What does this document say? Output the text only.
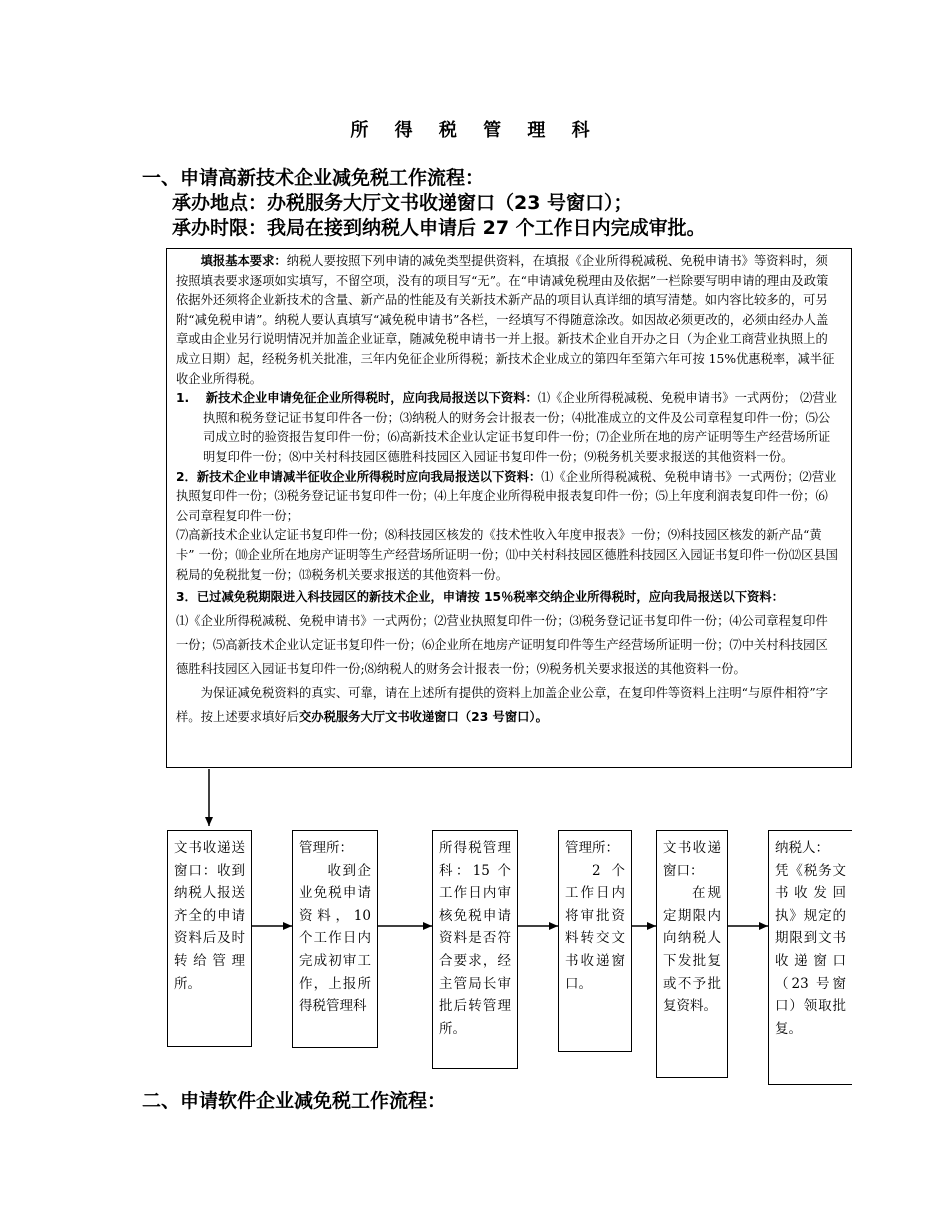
所 得 税 管 理 科
一、申请高新技术企业减免税工作流程：
承办地点：办税服务大厅文书收递窗口（23 号窗口）；
承办时限：我局在接到纳税人申请后 27 个工作日内完成审批。

填报基本要求：纳税人要按照下列申请的减免类型提供资料，在填报《企业所得税减税、免税申请书》等资料时，须按照填表要求逐项如实填写，不留空项，没有的项目写“无”。在“申请减免税理由及依据”一栏除要写明申请的理由及政策依据外还须将企业新技术的含量、新产品的性能及有关新技术新产品的项目认真详细的填写清楚。如内容比较多的，可另附“减免税申请”。纳税人要认真填写“减免税申请书”各栏，一经填写不得随意涂改。如因故必须更改的，必须由经办人盖章或由企业另行说明情况并加盖企业证章，随减免税申请书一并上报。新技术企业自开办之日（为企业工商营业执照上的成立日期）起，经税务机关批准，三年内免征企业所得税；新技术企业成立的第四年至第六年可按 15%优惠税率，减半征收企业所得税。

1.　 新技术企业申请免征企业所得税时，应向我局报送以下资料：⑴《企业所得税减税、免税申请书》一式两份； ⑵营业执照和税务登记证书复印件各一份；⑶纳税人的财务会计报表一份；⑷批准成立的文件及公司章程复印件一份；⑸公司成立时的验资报告复印件一份；⑹高新技术企业认定证书复印件一份；⑺企业所在地的房产证明等生产经营场所证明复印件一份；⑻中关村科技园区德胜科技园区入园证书复印件一份；⑼税务机关要求报送的其他资料一份。

2．新技术企业申请减半征收企业所得税时应向我局报送以下资料：⑴《企业所得税减税、免税申请书》一式两份；⑵营业执照复印件一份；⑶税务登记证书复印件一份；⑷上年度企业所得税申报表复印件一份；⑸上年度利润表复印件一份；⑹公司章程复印件一份；

⑺高新技术企业认定证书复印件一份；⑻科技园区核发的《技术性收入年度申报表》一份；⑼科技园区核发的新产品“黄卡” 一份；⑽企业所在地房产证明等生产经营场所证明一份；⑾中关村科技园区德胜科技园区入园证书复印件一份⑿区县国税局的免税批复一份；⒀税务机关要求报送的其他资料一份。

3．已过减免税期限进入科技园区的新技术企业，申请按 15％税率交纳企业所得税时，应向我局报送以下资料：
⑴《企业所得税减税、免税申请书》一式两份；⑵营业执照复印件一份；⑶税务登记证书复印件一份；⑷公司章程复印件一份；⑸高新技术企业认定证书复印件一份；⑹企业所在地房产证明复印件等生产经营场所证明一份；⑺中关村科技园区德胜科技园区入园证书复印件一份;⑻纳税人的财务会计报表一份；⑼税务机关要求报送的其他资料一份。

为保证减免税资料的真实、可靠，请在上述所有提供的资料上加盖企业公章，在复印件等资料上注明“与原件相符”字样。按上述要求填好后交办税服务大厅文书收递窗口（23 号窗口）。

文书收递送窗口：收到纳税人报送齐全的申请资料后及时转给管理所。
管理所：
收到企业免税申请资料，10 个工作日内完成初审工作，上报所得税管理科
所得税管理科：15 个工作日内审核免税申请资料是否符合要求，经主管局长审批后转管理所。
管理所：
2 个工作日内将审批资料转交文书收递窗口。
文书收递窗口：
在规定期限内向纳税人下发批复或不予批复资料。
纳税人：
凭《税务文书收发回执》规定的期限到文书收递窗口（23 号窗口）领取批复。
二、申请软件企业减免税工作流程：
